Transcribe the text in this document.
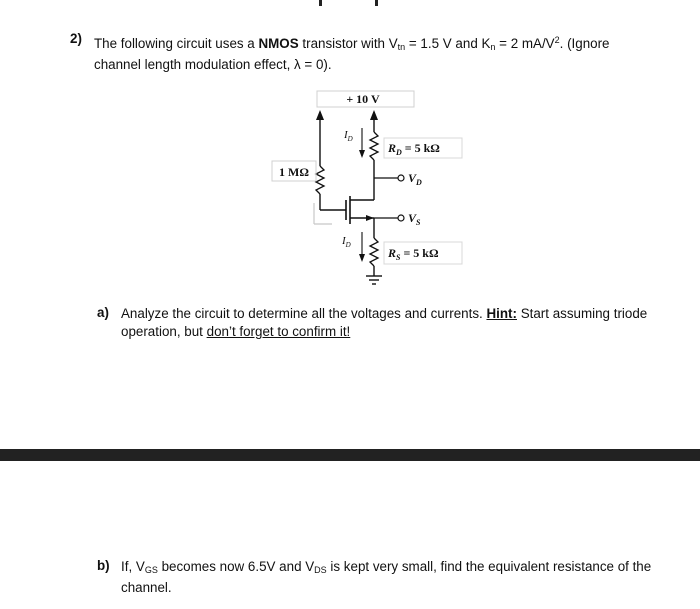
2) The following circuit uses a NMOS transistor with $V_{tn} = 1.5$ V and $K_n = 2$ $mA/V^2$. (Ignore channel length modulation effect, λ = 0).
+ 10 V
1 MΩ	$V_D$
$R_D = 5$ kΩ
$I_D$
$V_S$
$R_S = 5$ kΩ
$I_D$
a) Analyze the circuit to determine all the voltages and currents. Hint: Start assuming triode operation, but don’t forget to confirm it!
b) If, $V_{GS}$ becomes now 6.5V and $V_{DS}$ is kept very small, find the equivalent resistance of the channel.
